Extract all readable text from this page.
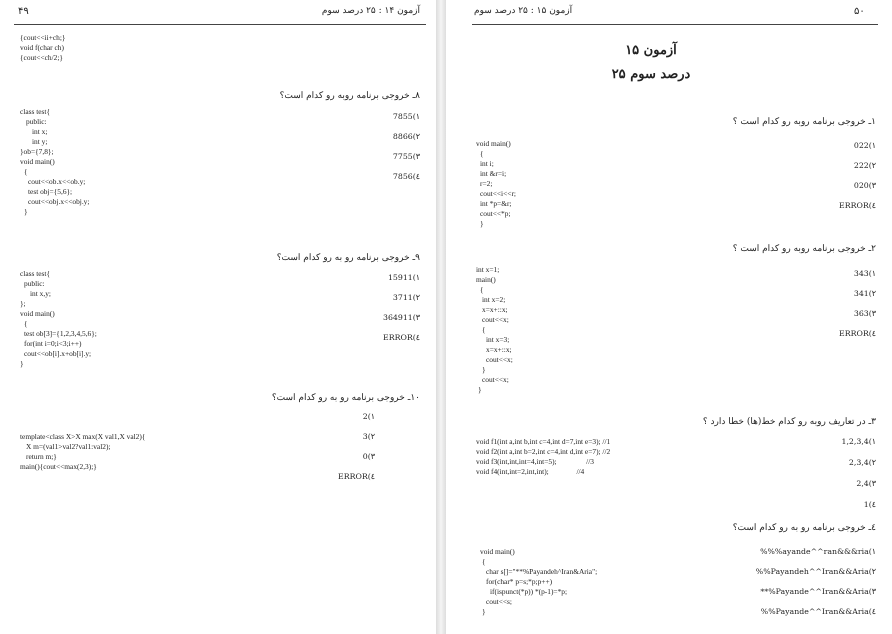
۴۹	آزمون ۱۴ : ۲۵ درصد سوم
{cout<<ii+ch;}
void f(char ch)
{cout<<ch/2;}
۸ـ خروجی برنامه روبه رو کدام است؟
class test{
public:
int x;
int y;
}ob={7,8};
void main()
{
cout<<ob.x<<ob.y;
test obj={5,6};
cout<<obj.x<<obj.y;
}
7855(۱
8866(۲
7755(۳
7856(٤
۹ـ خروجی برنامه رو به رو کدام است؟
class test{
public:
int x,y;
};
void main()
{
test ob[3]={1,2,3,4,5,6};
for(int i=0;i<3;i++)
cout<<ob[i].x+ob[i].y;
}
15911(۱
3711(۲
364911(۳
ERROR(٤
۱۰ـ خروجی برنامه رو به رو کدام است؟
template<class X>X max(X val1,X val2){
X m=(val1>val2?val1:val2);
return m;}
main(){cout<<max(2,3);}
2(۱
3(۲
0(۳
ERROR(٤
آزمون ۱۵ : ۲۵ درصد سوم	۵۰
آزمون ۱۵
۲۵ درصد سوم
۱ـ خروجی برنامه روبه رو کدام است ؟
void main()
{
int i;
int &r=i;
r=2;
cout<<i<<r;
int *p=&r;
cout<<*p;
}
022(۱
222(۲
020(۳
ERROR(٤
۲ـ خروجی برنامه روبه رو کدام است ؟
int x=1;
main()
{
int x=2;
x=x+::x;
cout<<x;
{
int x=3;
x=x+::x;
cout<<x;
}
cout<<x;
}
343(۱
341(۲
363(۳
ERROR(٤
۳ـ در تعاریف روبه رو کدام خط(ها) خطا دارد ؟
void f1(int a,int b,int c=4,int d=7,int e=3); //1
void f2(int a,int b=2,int c=4,int d,int e=7); //2
void f3(int,int,int=4,int=5);                //3
void f4(int,int=2,int,int);               //4
1,2,3,4(۱
2,3,4(۲
2,4(۳
1(٤
٤ـ خروجی برنامه رو به رو کدام است؟
void main()
{
char s[]="**%Payandeh^Iran&Aria";
for(char* p=s;*p;p++)
if(ispunct(*p)) *(p-1)=*p;
cout<<s;
}
%%%ayande^^ran&&&ria(۱
%%Payandeh^^Iran&&Aria(۲
**%Payande^^Iran&&Aria(۳
%%Payande^^Iran&&Aria(٤
